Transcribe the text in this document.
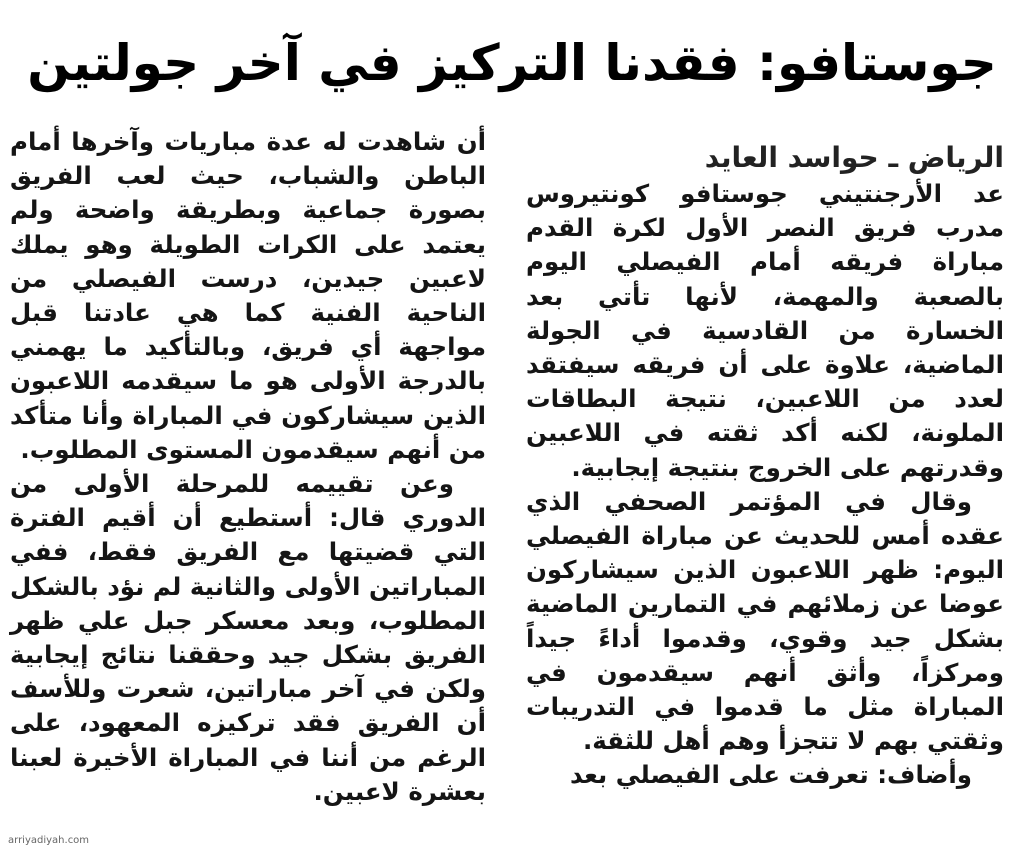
جوستافو: فقدنا التركيز في آخر جولتين

الرياض ـ حواسد العايد

عد الأرجنتيني جوستافو كونتيروس مدرب فريق النصر الأول لكرة القدم مباراة فريقه أمام الفيصلي اليوم بالصعبة والمهمة، لأنها تأتي بعد الخسارة من القادسية في الجولة الماضية، علاوة على أن فريقه سيفتقد لعدد من اللاعبين، نتيجة البطاقات الملونة، لكنه أكد ثقته في اللاعبين وقدرتهم على الخروج بنتيجة إيجابية.

وقال في المؤتمر الصحفي الذي عقده أمس للحديث عن مباراة الفيصلي اليوم: ظهر اللاعبون الذين سيشاركون عوضا عن زملائهم في التمارين الماضية بشكل جيد وقوي، وقدموا أداءً جيداً ومركزاً، وأثق أنهم سيقدمون في المباراة مثل ما قدموا في التدريبات وثقتي بهم لا تتجزأ وهم أهل للثقة.

وأضاف: تعرفت على الفيصلي بعد

أن شاهدت له عدة مباريات وآخرها أمام الباطن والشباب، حيث لعب الفريق بصورة جماعية وبطريقة واضحة ولم يعتمد على الكرات الطويلة وهو يملك لاعبين جيدين، درست الفيصلي من الناحية الفنية كما هي عادتنا قبل مواجهة أي فريق، وبالتأكيد ما يهمني بالدرجة الأولى هو ما سيقدمه اللاعبون الذين سيشاركون في المباراة وأنا متأكد من أنهم سيقدمون المستوى المطلوب.

وعن تقييمه للمرحلة الأولى من الدوري قال: أستطيع أن أقيم الفترة التي قضيتها مع الفريق فقط، ففي المباراتين الأولى والثانية لم نؤد بالشكل المطلوب، وبعد معسكر جبل علي ظهر الفريق بشكل جيد وحققنا نتائج إيجابية ولكن في آخر مباراتين، شعرت وللأسف أن الفريق فقد تركيزه المعهود، على الرغم من أننا في المباراة الأخيرة لعبنا بعشرة لاعبين.

arriyadiyah.com
